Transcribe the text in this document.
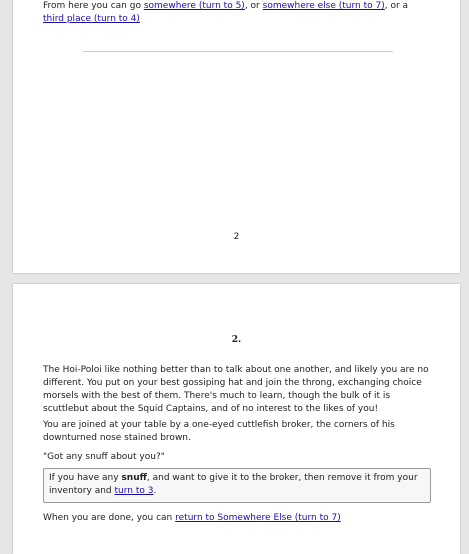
From here you can go somewhere (turn to 5), or somewhere else (turn to 7), or a third place (turn to 4)
2
2.
The Hoi-Poloi like nothing better than to talk about one another, and likely you are no different. You put on your best gossiping hat and join the throng, exchanging choice morsels with the best of them. There's much to learn, though the bulk of it is scuttlebut about the Squid Captains, and of no interest to the likes of you!
You are joined at your table by a one-eyed cuttlefish broker, the corners of his downturned nose stained brown.
"Got any snuff about you?"
If you have any snuff, and want to give it to the broker, then remove it from your inventory and turn to 3.
When you are done, you can return to Somewhere Else (turn to 7)
